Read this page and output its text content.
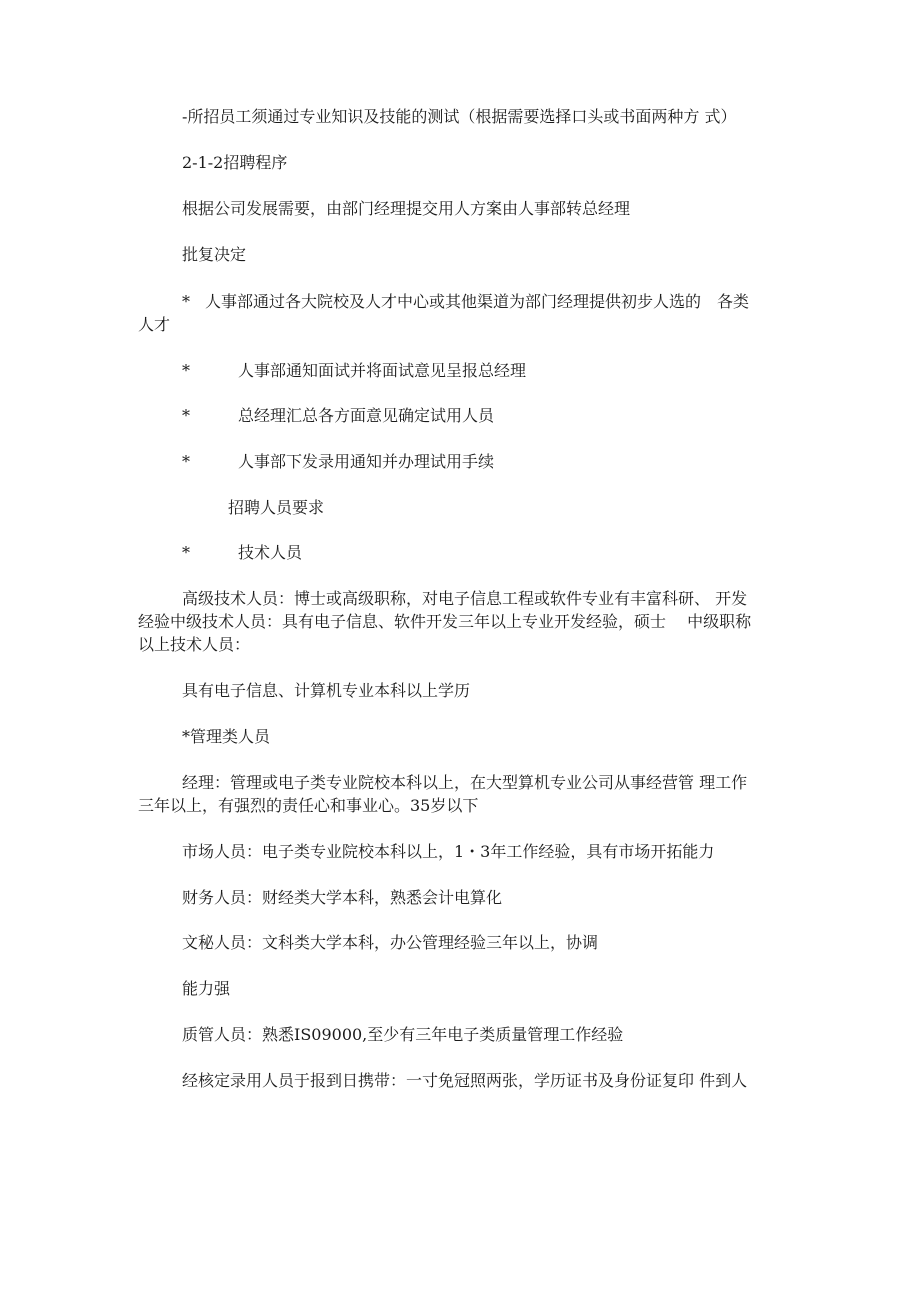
-所招员工须通过专业知识及技能的测试（根据需要选择口头或书面两种方 式）
2-1-2招聘程序
根据公司发展需要，由部门经理提交用人方案由人事部转总经理
批复决定
* 人事部通过各大院校及人才中心或其他渠道为部门经理提供初步人选的　各类
人才
*	人事部通知面试并将面试意见呈报总经理
*	总经理汇总各方面意见确定试用人员
*	人事部下发录用通知并办理试用手续
招聘人员要求
*	技术人员
高级技术人员：博士或高级职称，对电子信息工程或软件专业有丰富科研、 开发
经验中级技术人员：具有电子信息、软件开发三年以上专业开发经验，硕士　 中级职称
以上技术人员：
具有电子信息、计算机专业本科以上学历
*管理类人员
经理：管理或电子类专业院校本科以上，在大型算机专业公司从事经营管 理工作
三年以上，有强烈的责任心和事业心。35岁以下
市场人员：电子类专业院校本科以上，1・3年工作经验，具有市场开拓能力
财务人员：财经类大学本科，熟悉会计电算化
文秘人员：文科类大学本科，办公管理经验三年以上，协调
能力强
质管人员：熟悉IS09000,至少有三年电子类质量管理工作经验
经核定录用人员于报到日携带：一寸免冠照两张，学历证书及身份证复印 件到人
